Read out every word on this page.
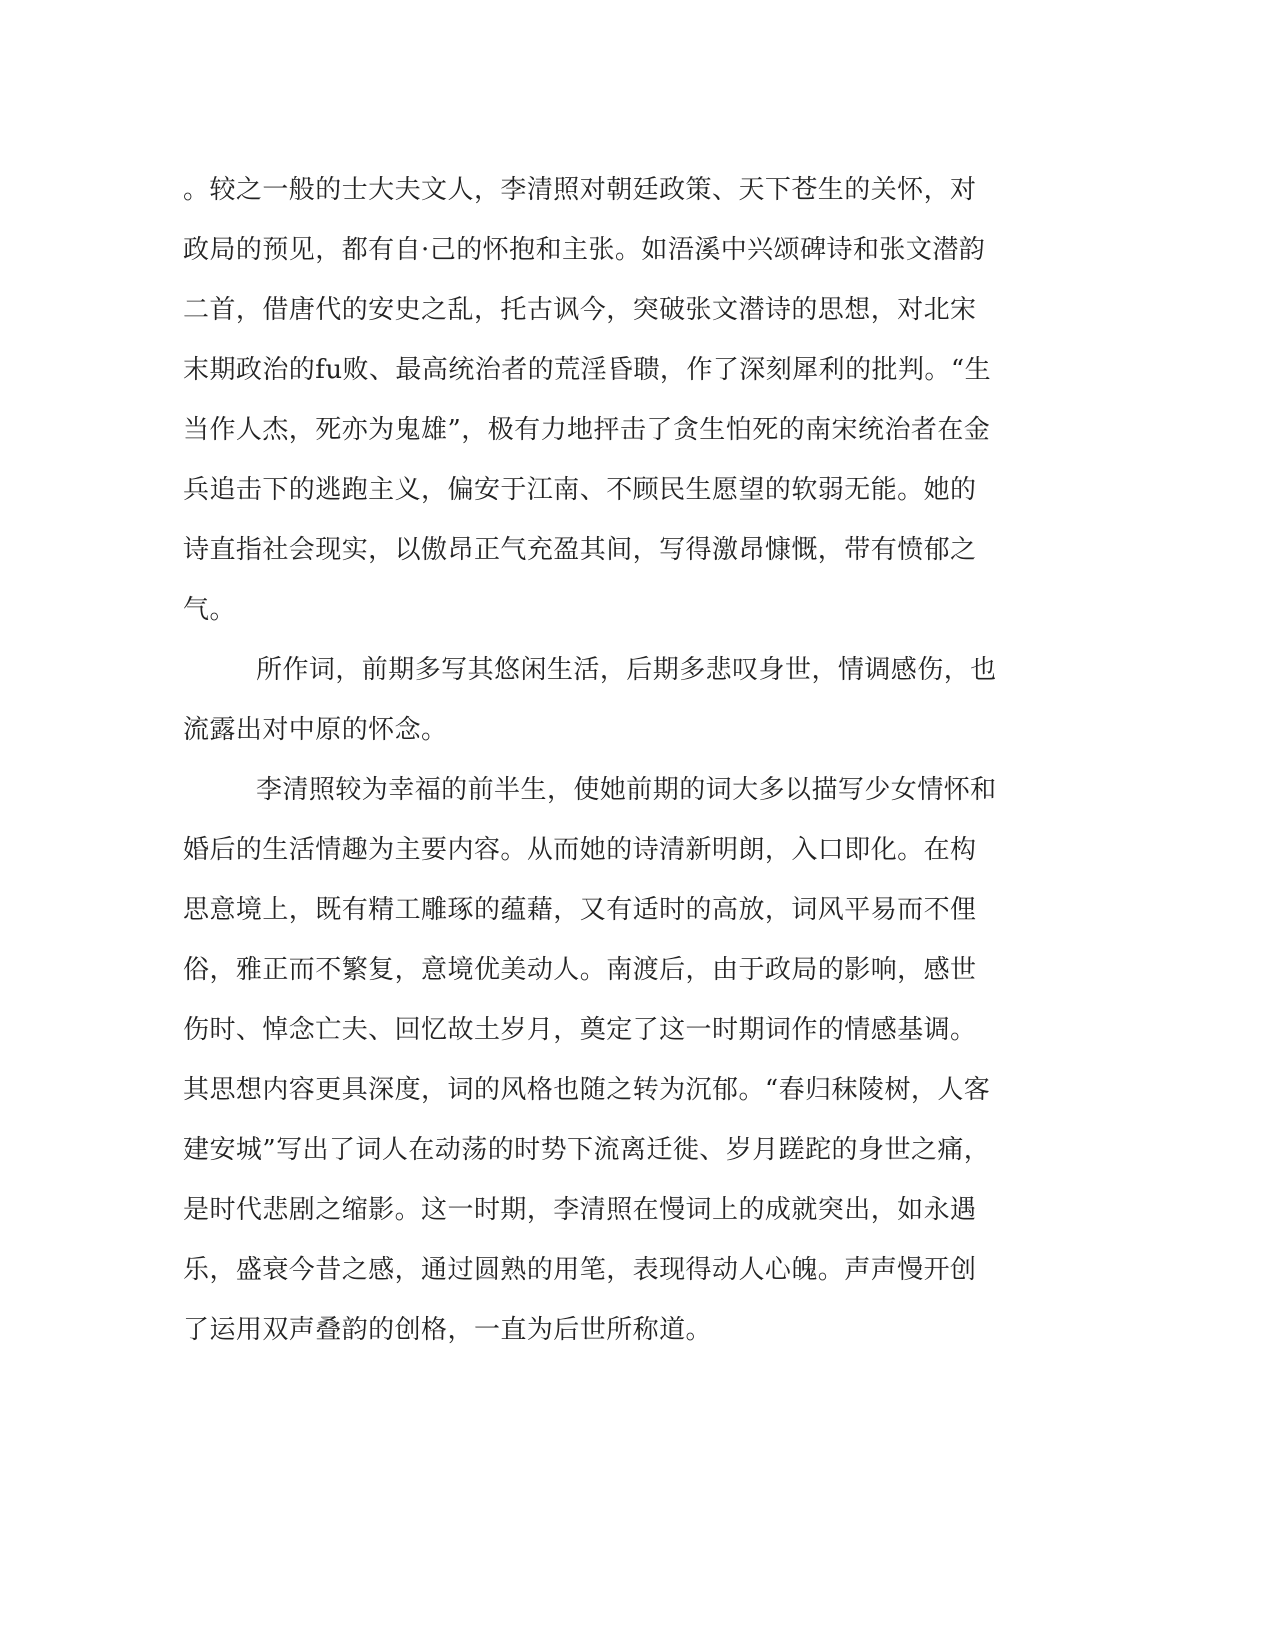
。较之一般的士大夫文人，李清照对朝廷政策、天下苍生的关怀，对
政局的预见，都有自·己的怀抱和主张。如浯溪中兴颂碑诗和张文潜韵
二首，借唐代的安史之乱，托古讽今，突破张文潜诗的思想，对北宋
末期政治的fu败、最高统治者的荒淫昏聩，作了深刻犀利的批判。“生
当作人杰，死亦为鬼雄”，极有力地抨击了贪生怕死的南宋统治者在金
兵追击下的逃跑主义，偏安于江南、不顾民生愿望的软弱无能。她的
诗直指社会现实，以傲昂正气充盈其间，写得激昂慷慨，带有愤郁之
气。
所作词，前期多写其悠闲生活，后期多悲叹身世，情调感伤，也
流露出对中原的怀念。
李清照较为幸福的前半生，使她前期的词大多以描写少女情怀和
婚后的生活情趣为主要内容。从而她的诗清新明朗，入口即化。在构
思意境上，既有精工雕琢的蕴藉，又有适时的高放，词风平易而不俚
俗，雅正而不繁复，意境优美动人。南渡后，由于政局的影响，感世
伤时、悼念亡夫、回忆故土岁月，奠定了这一时期词作的情感基调。
其思想内容更具深度，词的风格也随之转为沉郁。“春归秣陵树，人客
建安城”写出了词人在动荡的时势下流离迁徙、岁月蹉跎的身世之痛，
是时代悲剧之缩影。这一时期，李清照在慢词上的成就突出，如永遇
乐，盛衰今昔之感，通过圆熟的用笔，表现得动人心魄。声声慢开创
了运用双声叠韵的创格，一直为后世所称道。
